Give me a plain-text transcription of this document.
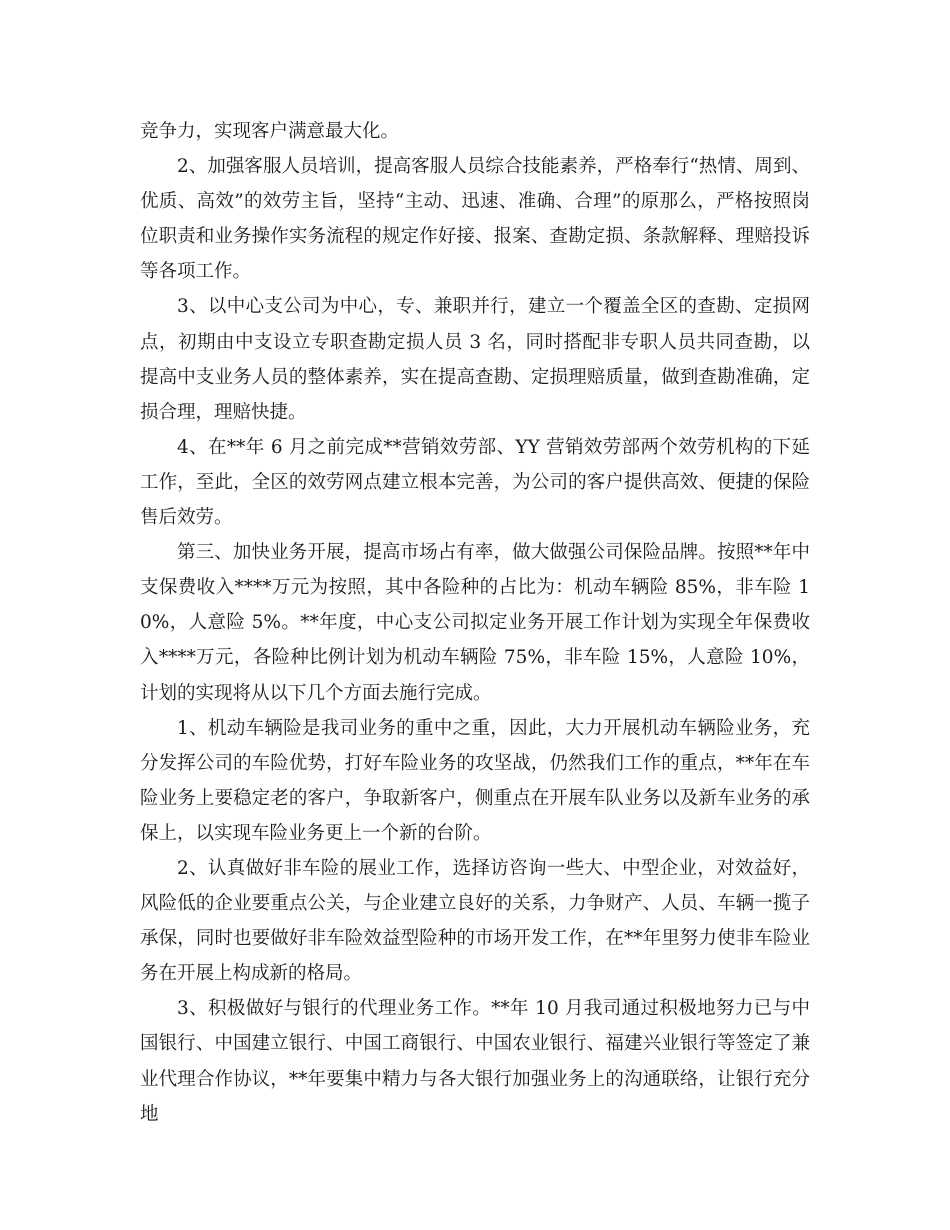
竞争力，实现客户满意最大化。

2、加强客服人员培训，提高客服人员综合技能素养，严格奉行“热情、周到、优质、高效”的效劳主旨，坚持“主动、迅速、准确、合理”的原那么，严格按照岗位职责和业务操作实务流程的规定作好接、报案、查勘定损、条款解释、理赔投诉等各项工作。

3、以中心支公司为中心，专、兼职并行，建立一个覆盖全区的查勘、定损网点，初期由中支设立专职查勘定损人员 3 名，同时搭配非专职人员共同查勘，以提高中支业务人员的整体素养，实在提高查勘、定损理赔质量，做到查勘准确，定损合理，理赔快捷。

4、在**年 6 月之前完成**营销效劳部、YY 营销效劳部两个效劳机构的下延工作，至此，全区的效劳网点建立根本完善，为公司的客户提供高效、便捷的保险售后效劳。

第三、加快业务开展，提高市场占有率，做大做强公司保险品牌。按照**年中支保费收入****万元为按照，其中各险种的占比为：机动车辆险 85%，非车险 10%，人意险 5%。**年度，中心支公司拟定业务开展工作计划为实现全年保费收入****万元，各险种比例计划为机动车辆险 75%，非车险 15%，人意险 10%，计划的实现将从以下几个方面去施行完成。

1、机动车辆险是我司业务的重中之重，因此，大力开展机动车辆险业务，充分发挥公司的车险优势，打好车险业务的攻坚战，仍然我们工作的重点，**年在车险业务上要稳定老的客户，争取新客户，侧重点在开展车队业务以及新车业务的承保上，以实现车险业务更上一个新的台阶。

2、认真做好非车险的展业工作，选择访咨询一些大、中型企业，对效益好，风险低的企业要重点公关，与企业建立良好的关系，力争财产、人员、车辆一揽子承保，同时也要做好非车险效益型险种的市场开发工作，在**年里努力使非车险业务在开展上构成新的格局。

3、积极做好与银行的代理业务工作。**年 10 月我司通过积极地努力已与中国银行、中国建立银行、中国工商银行、中国农业银行、福建兴业银行等签定了兼业代理合作协议，**年要集中精力与各大银行加强业务上的沟通联络，让银行充分地
